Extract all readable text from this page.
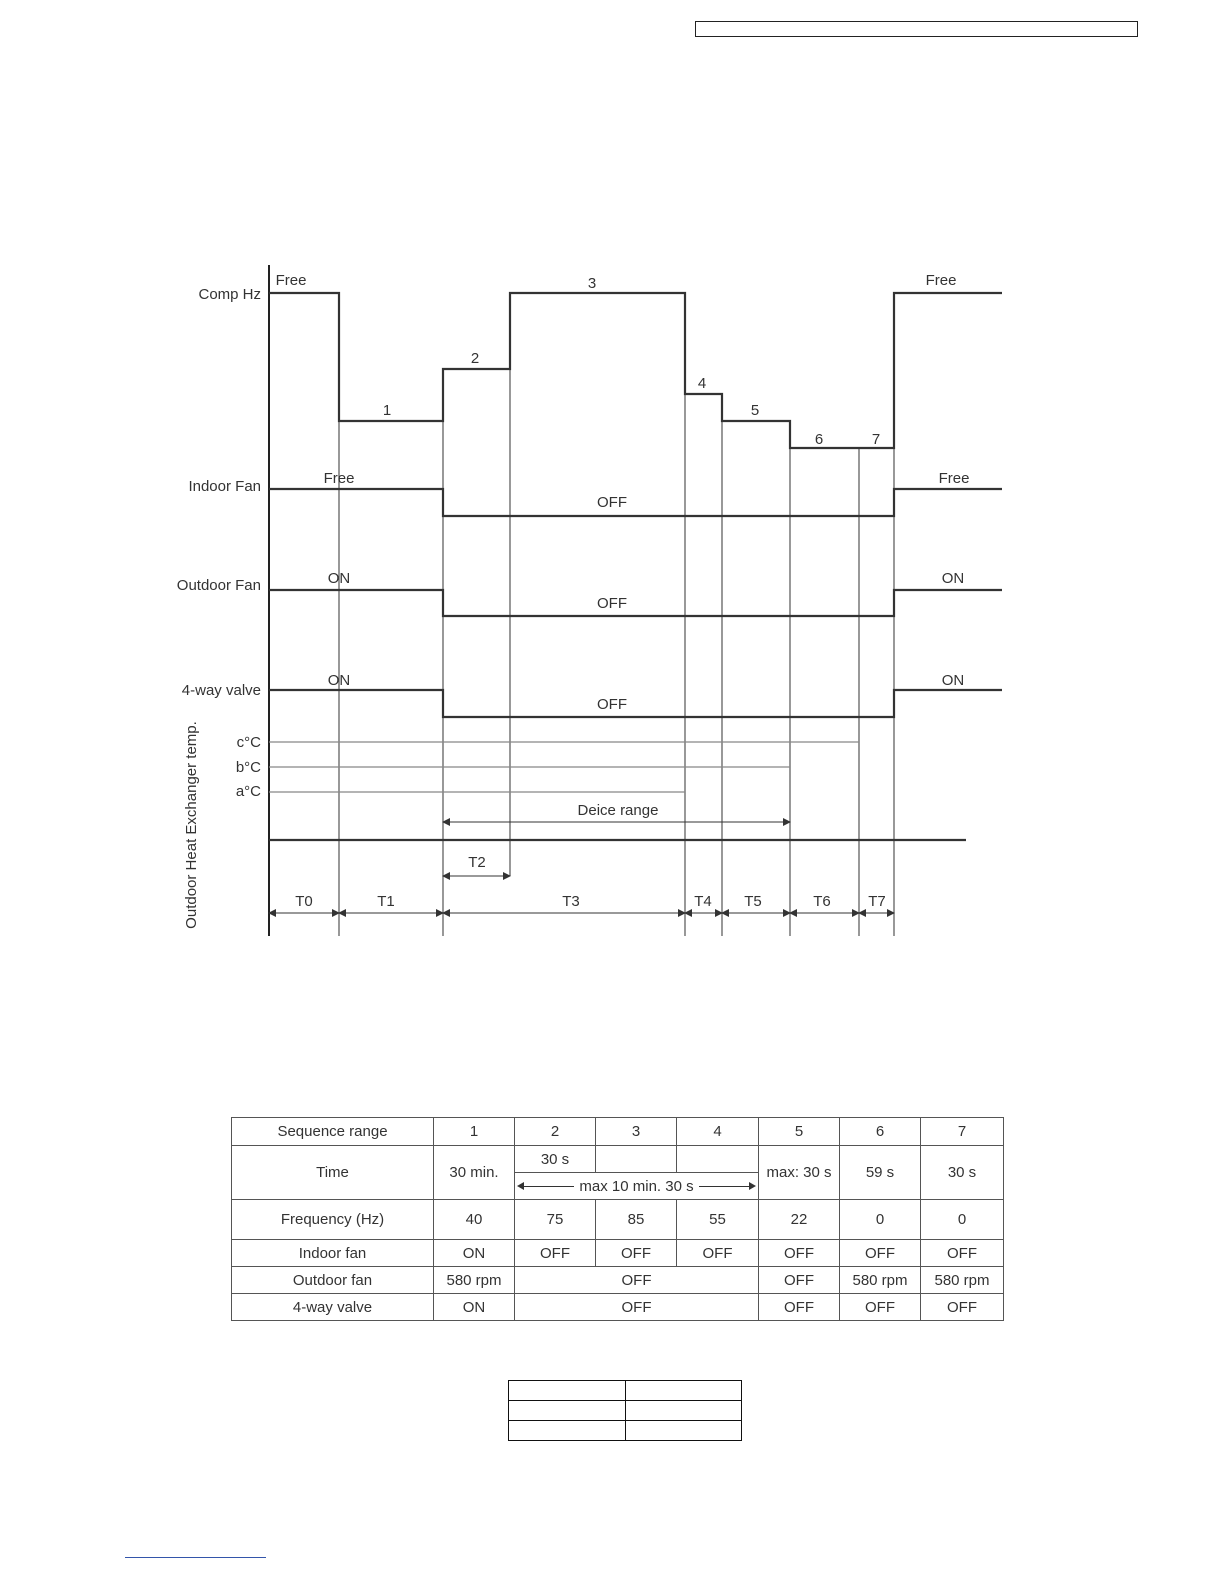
Comp Hz
Indoor Fan
Outdoor Fan
4-way valve
c°C
b°C
a°C
Outdoor Heat Exchanger temp.
Free	Free
1
2
3
4
5
6	7
Free
OFF
Free
ON
OFF
ON
ON
OFF
ON
Deice range
T2
T0	T1	T3	T4 T5	T6 T7
Sequence range	1	2	3	4	5	6	7
Time	30 min.	30 s			max: 30 s	59 s	30 s

		max 10 min. 30 s					

Frequency (Hz)	40	75	85	55	22	0	0
Indoor fan	ON	OFF	OFF	OFF	OFF	OFF	OFF
Outdoor fan	580 rpm	OFF			OFF	580 rpm	580 rpm
4-way valve	ON	OFF			OFF	OFF	OFF
